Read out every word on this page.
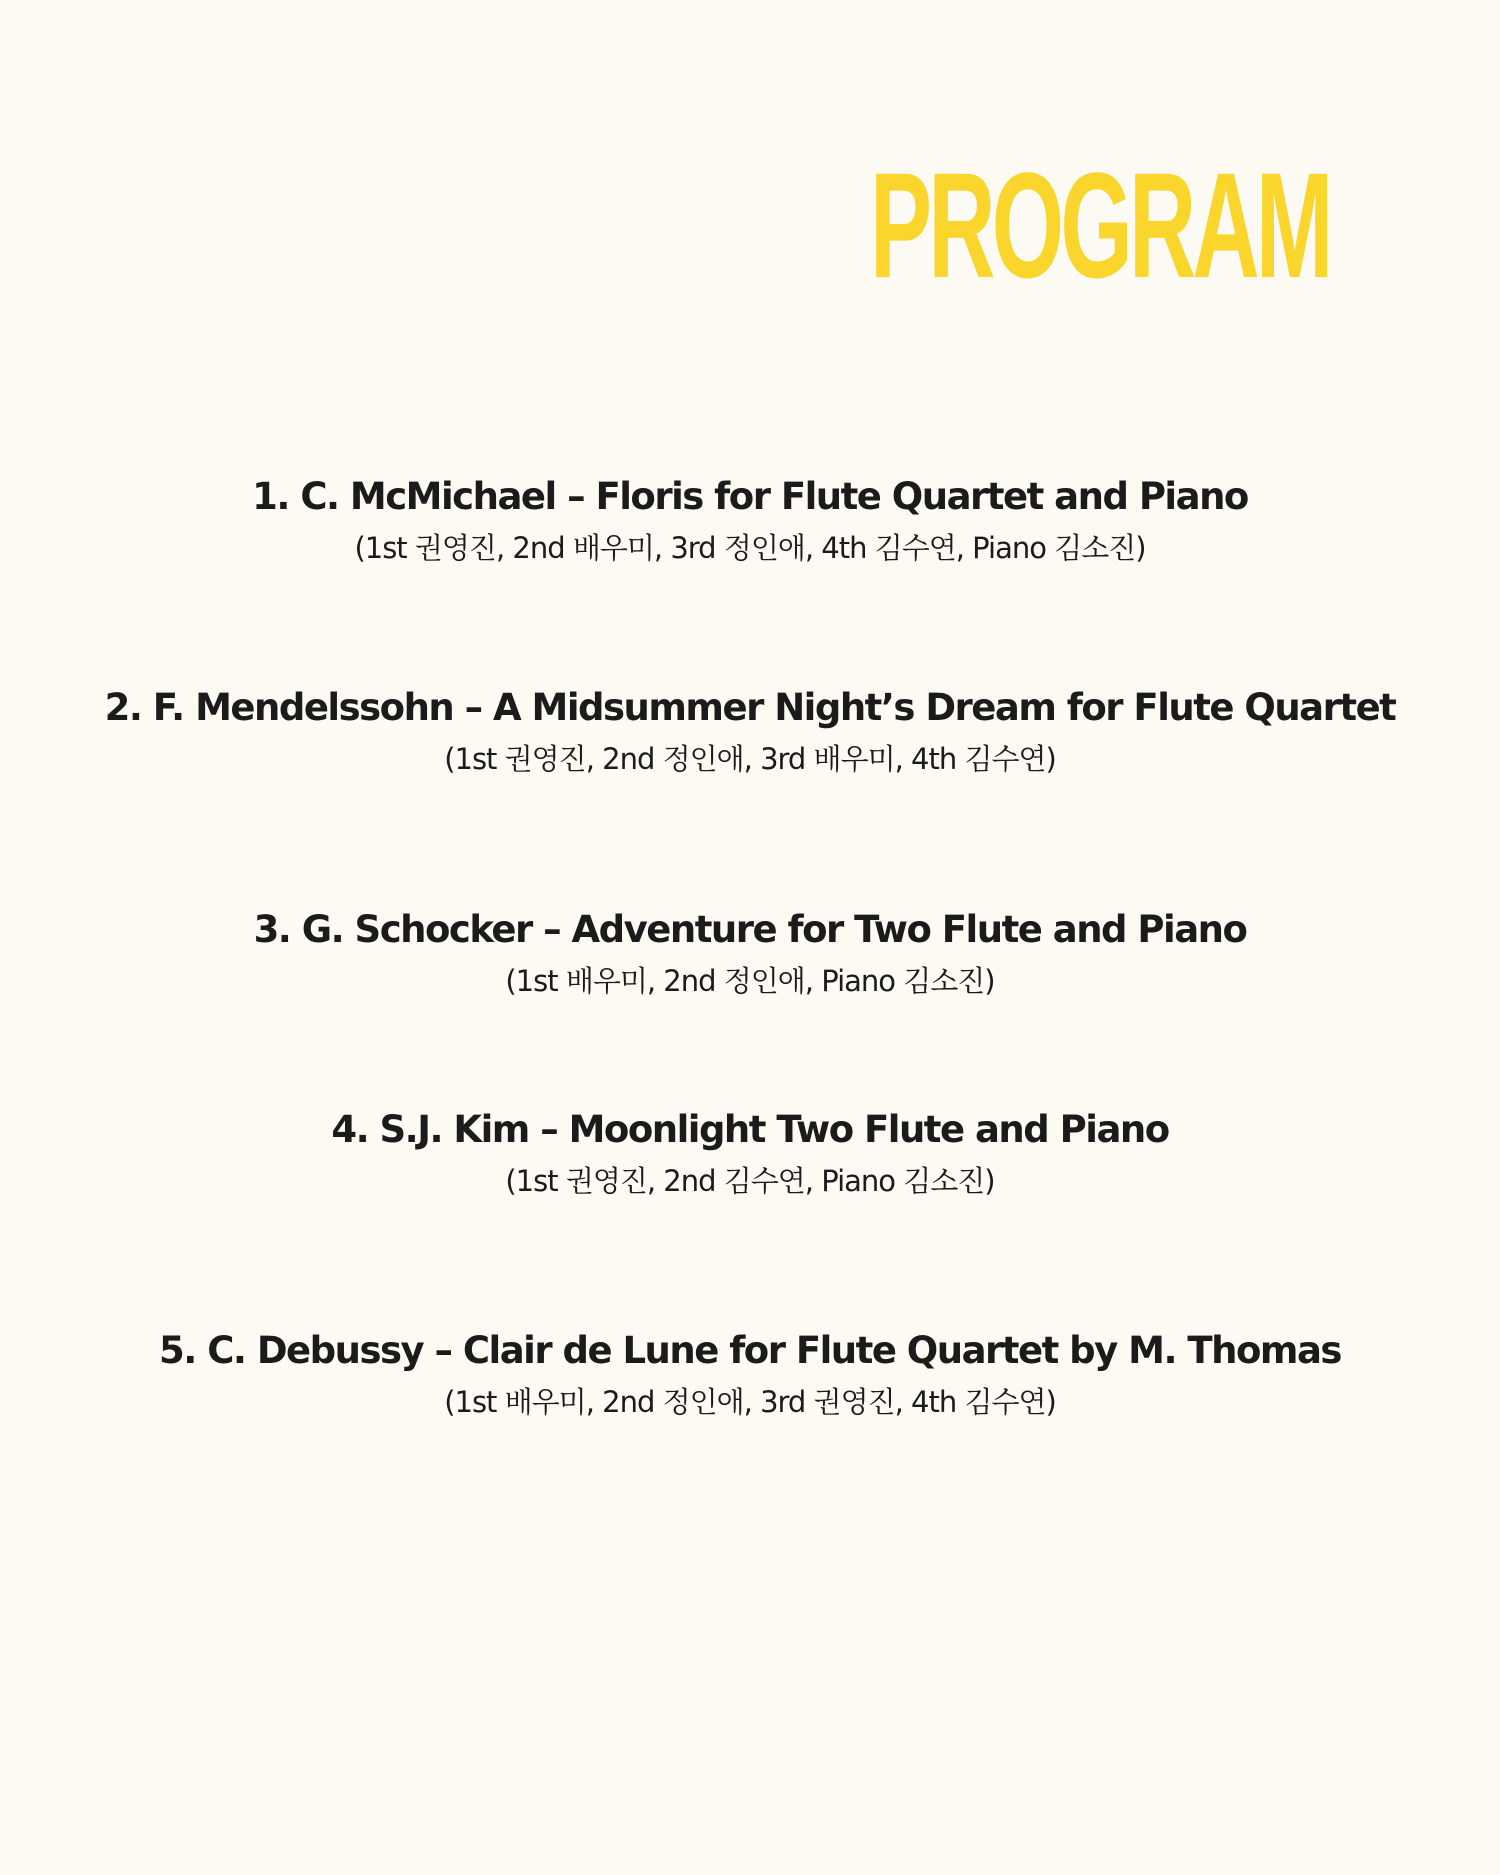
PROGRAM
1. C. McMichael – Floris for Flute Quartet and Piano
(1st 권영진, 2nd 배우미, 3rd 정인애, 4th 김수연, Piano 김소진)
2. F. Mendelssohn – A Midsummer Night’s Dream for Flute Quartet
(1st 권영진, 2nd 정인애, 3rd 배우미, 4th 김수연)
3. G. Schocker – Adventure for Two Flute and Piano
(1st 배우미, 2nd 정인애, Piano 김소진)
4. S.J. Kim – Moonlight Two Flute and Piano
(1st 권영진, 2nd 김수연, Piano 김소진)
5. C. Debussy – Clair de Lune for Flute Quartet by M. Thomas
(1st 배우미, 2nd 정인애, 3rd 권영진, 4th 김수연)
